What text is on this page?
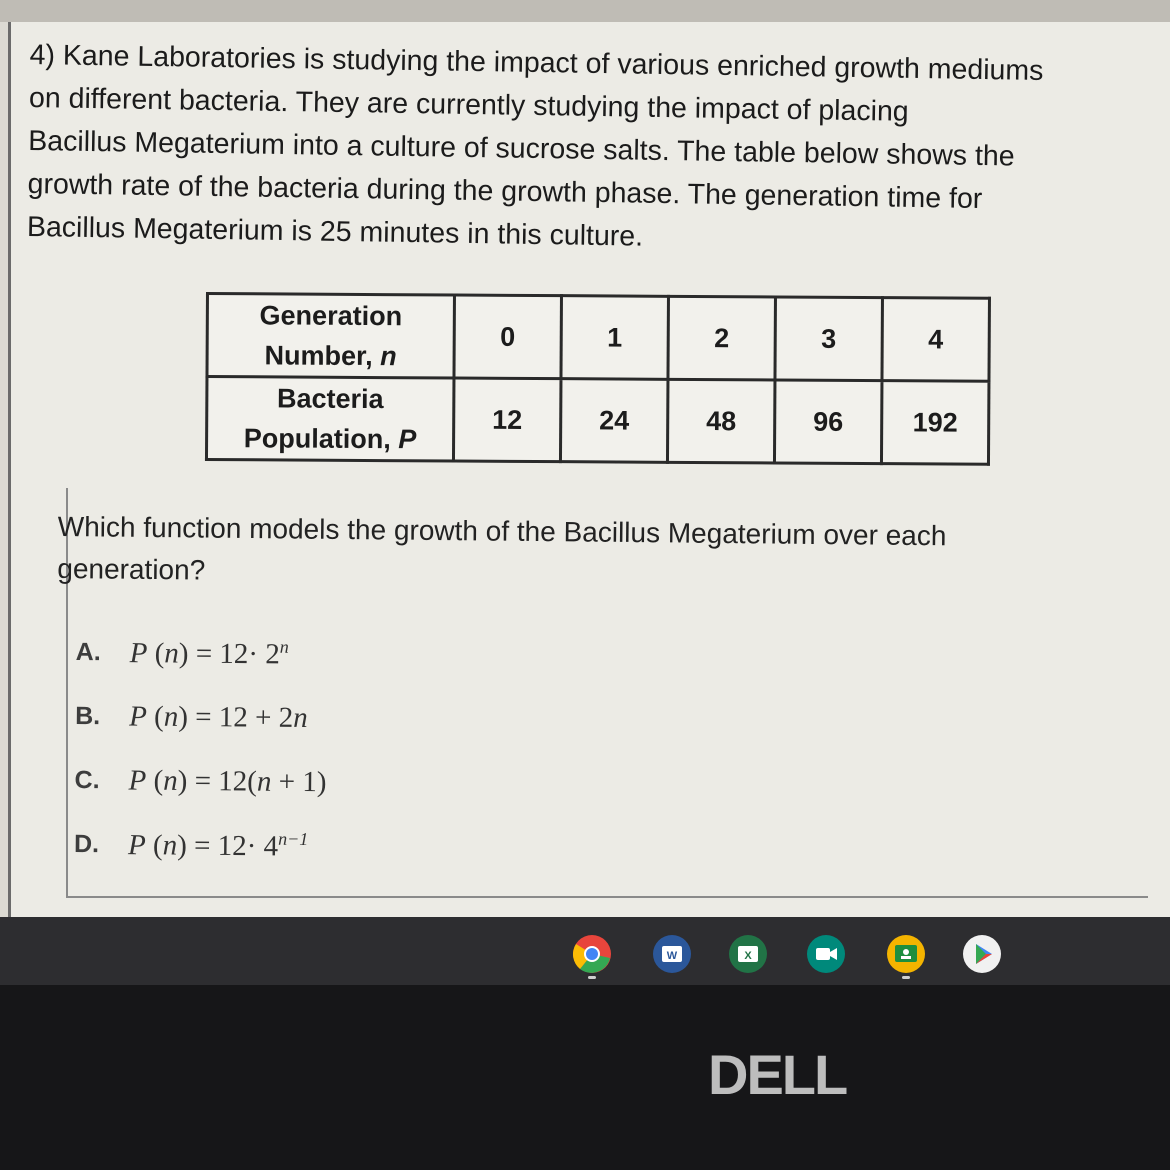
4) Kane Laboratories is studying the impact of various enriched growth mediums
on different bacteria. They are currently studying the impact of placing
Bacillus Megaterium into a culture of sucrose salts. The table below shows the
growth rate of the bacteria during the growth phase. The generation time for
Bacillus Megaterium is 25 minutes in this culture.
Generation
Number, n	0	1	2	3	4

Bacteria
Population, P	12	24	48	96	192
Which function models the growth of the Bacillus Megaterium over each
generation?
A. P $(n) = 12\cdot 2^n$
B. P (n) = 12 + 2n
C. P (n) = 12(n + 1)
D. P $(n) = 12\cdot 4^{n-1}$
W	X
DELL
